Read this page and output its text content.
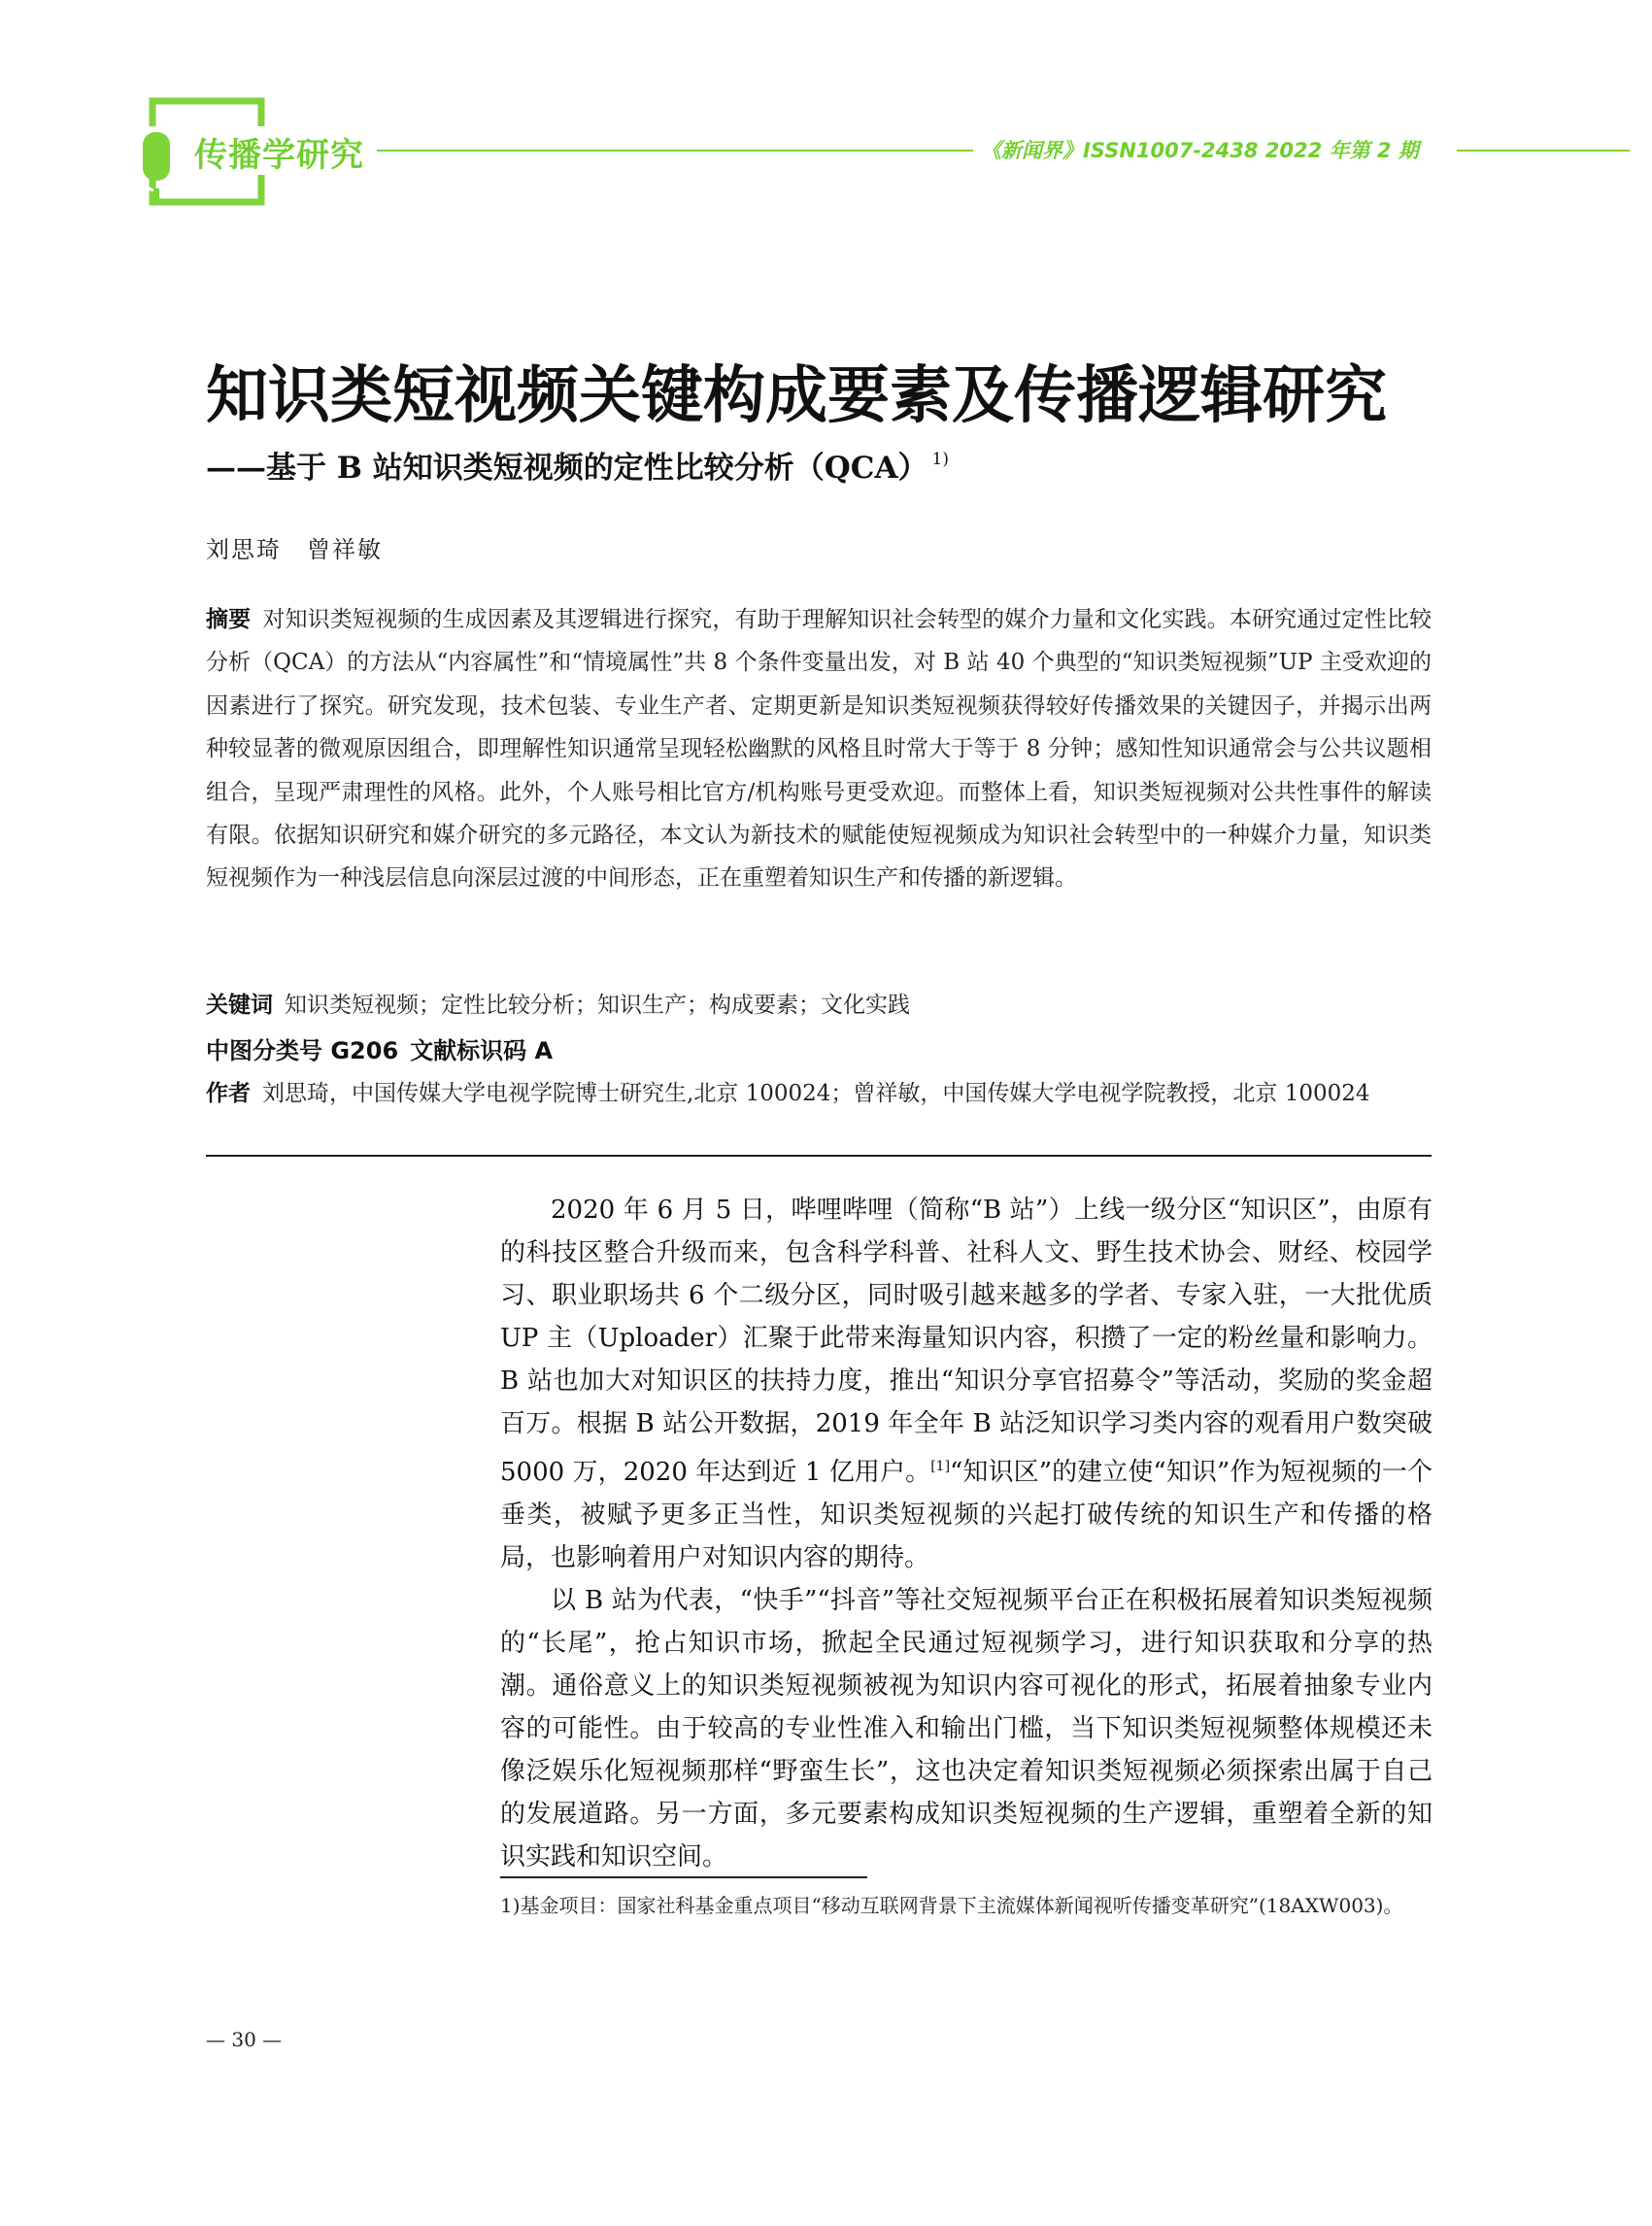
传播学研究	《新闻界》ISSN1007-2438 2022 年第 2 期
知识类短视频关键构成要素及传播逻辑研究
——基于 B 站知识类短视频的定性比较分析（QCA） $^{1)}$
刘思琦 曾祥敏
摘要 对知识类短视频的生成因素及其逻辑进行探究，有助于理解知识社会转型的媒介力量和文化实践。本研究通过定性比较分析（QCA）的方法从“内容属性”和“情境属性”共 8 个条件变量出发，对 B 站 40 个典型的“知识类短视频”UP 主受欢迎的因素进行了探究。研究发现，技术包装、专业生产者、定期更新是知识类短视频获得较好传播效果的关键因子，并揭示出两种较显著的微观原因组合，即理解性知识通常呈现轻松幽默的风格且时常大于等于 8 分钟；感知性知识通常会与公共议题相组合，呈现严肃理性的风格。此外，个人账号相比官方/机构账号更受欢迎。而整体上看，知识类短视频对公共性事件的解读有限。依据知识研究和媒介研究的多元路径，本文认为新技术的赋能使短视频成为知识社会转型中的一种媒介力量，知识类短视频作为一种浅层信息向深层过渡的中间形态，正在重塑着知识生产和传播的新逻辑。
关键词 知识类短视频；定性比较分析；知识生产；构成要素；文化实践
中图分类号 G206 文献标识码 A
作者 刘思琦，中国传媒大学电视学院博士研究生,北京 100024；曾祥敏，中国传媒大学电视学院教授，北京 100024

2020 年 6 月 5 日，哔哩哔哩（简称“B 站”）上线一级分区“知识区”，由原有的科技区整合升级而来，包含科学科普、社科人文、野生技术协会、财经、校园学习、职业职场共 6 个二级分区，同时吸引越来越多的学者、专家入驻，一大批优质 UP 主（Uploader）汇聚于此带来海量知识内容，积攒了一定的粉丝量和影响力。B 站也加大对知识区的扶持力度，推出“知识分享官招募令”等活动，奖励的奖金超百万。根据 B 站公开数据，2019 年全年 B 站泛知识学习类内容的观看用户数突破 5000 万，2020 年达到近 1 亿用户。[1]“知识区”的建立使“知识”作为短视频的一个垂类，被赋予更多正当性，知识类短视频的兴起打破传统的知识生产和传播的格局，也影响着用户对知识内容的期待。

以 B 站为代表，“快手”“抖音”等社交短视频平台正在积极拓展着知识类短视频的“长尾”，抢占知识市场，掀起全民通过短视频学习，进行知识获取和分享的热潮。通俗意义上的知识类短视频被视为知识内容可视化的形式，拓展着抽象专业内容的可能性。由于较高的专业性准入和输出门槛，当下知识类短视频整体规模还未像泛娱乐化短视频那样“野蛮生长”，这也决定着知识类短视频必须探索出属于自己的发展道路。另一方面，多元要素构成知识类短视频的生产逻辑，重塑着全新的知识实践和知识空间。

1)基金项目：国家社科基金重点项目“移动互联网背景下主流媒体新闻视听传播变革研究”(18AXW003)。
— 30 —
